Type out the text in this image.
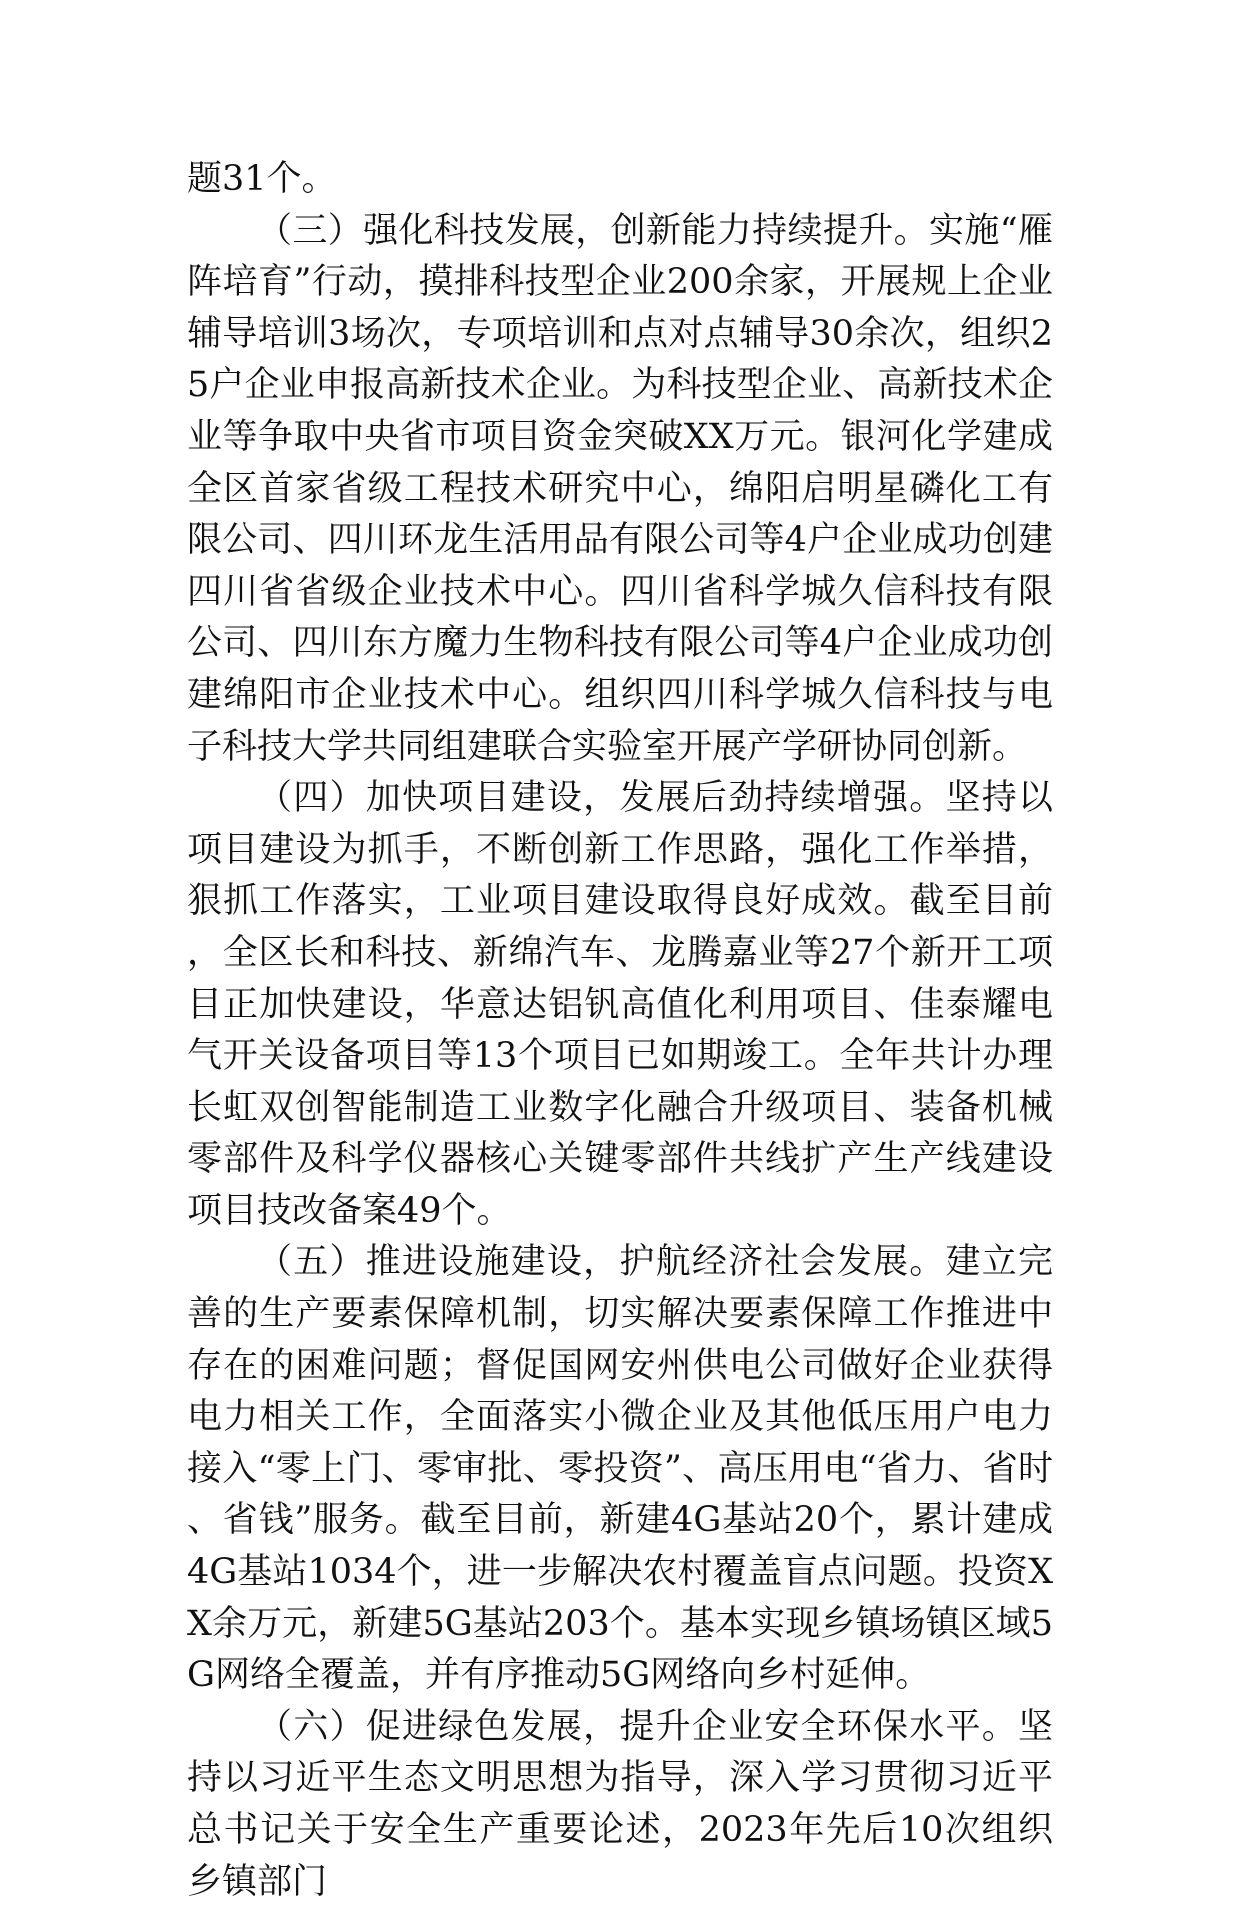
题31个。

（三）强化科技发展，创新能力持续提升。实施“雁阵培育”行动，摸排科技型企业200余家，开展规上企业辅导培训3场次，专项培训和点对点辅导30余次，组织25户企业申报高新技术企业。为科技型企业、高新技术企业等争取中央省市项目资金突破XX万元。银河化学建成全区首家省级工程技术研究中心，绵阳启明星磷化工有限公司、四川环龙生活用品有限公司等4户企业成功创建四川省省级企业技术中心。四川省科学城久信科技有限公司、四川东方魔力生物科技有限公司等4户企业成功创建绵阳市企业技术中心。组织四川科学城久信科技与电子科技大学共同组建联合实验室开展产学研协同创新。

（四）加快项目建设，发展后劲持续增强。坚持以项目建设为抓手，不断创新工作思路，强化工作举措，狠抓工作落实，工业项目建设取得良好成效。截至目前，全区长和科技、新绵汽车、龙腾嘉业等27个新开工项目正加快建设，华意达铝钒高值化利用项目、佳泰耀电气开关设备项目等13个项目已如期竣工。全年共计办理长虹双创智能制造工业数字化融合升级项目、装备机械零部件及科学仪器核心关键零部件共线扩产生产线建设项目技改备案49个。

（五）推进设施建设，护航经济社会发展。建立完善的生产要素保障机制，切实解决要素保障工作推进中存在的困难问题；督促国网安州供电公司做好企业获得电力相关工作，全面落实小微企业及其他低压用户电力接入“零上门、零审批、零投资”、高压用电“省力、省时、省钱”服务。截至目前，新建4G基站20个，累计建成4G基站1034个，进一步解决农村覆盖盲点问题。投资XX余万元，新建5G基站203个。基本实现乡镇场镇区域5G网络全覆盖，并有序推动5G网络向乡村延伸。

（六）促进绿色发展，提升企业安全环保水平。坚持以习近平生态文明思想为指导，深入学习贯彻习近平总书记关于安全生产重要论述，2023年先后10次组织乡镇部门
